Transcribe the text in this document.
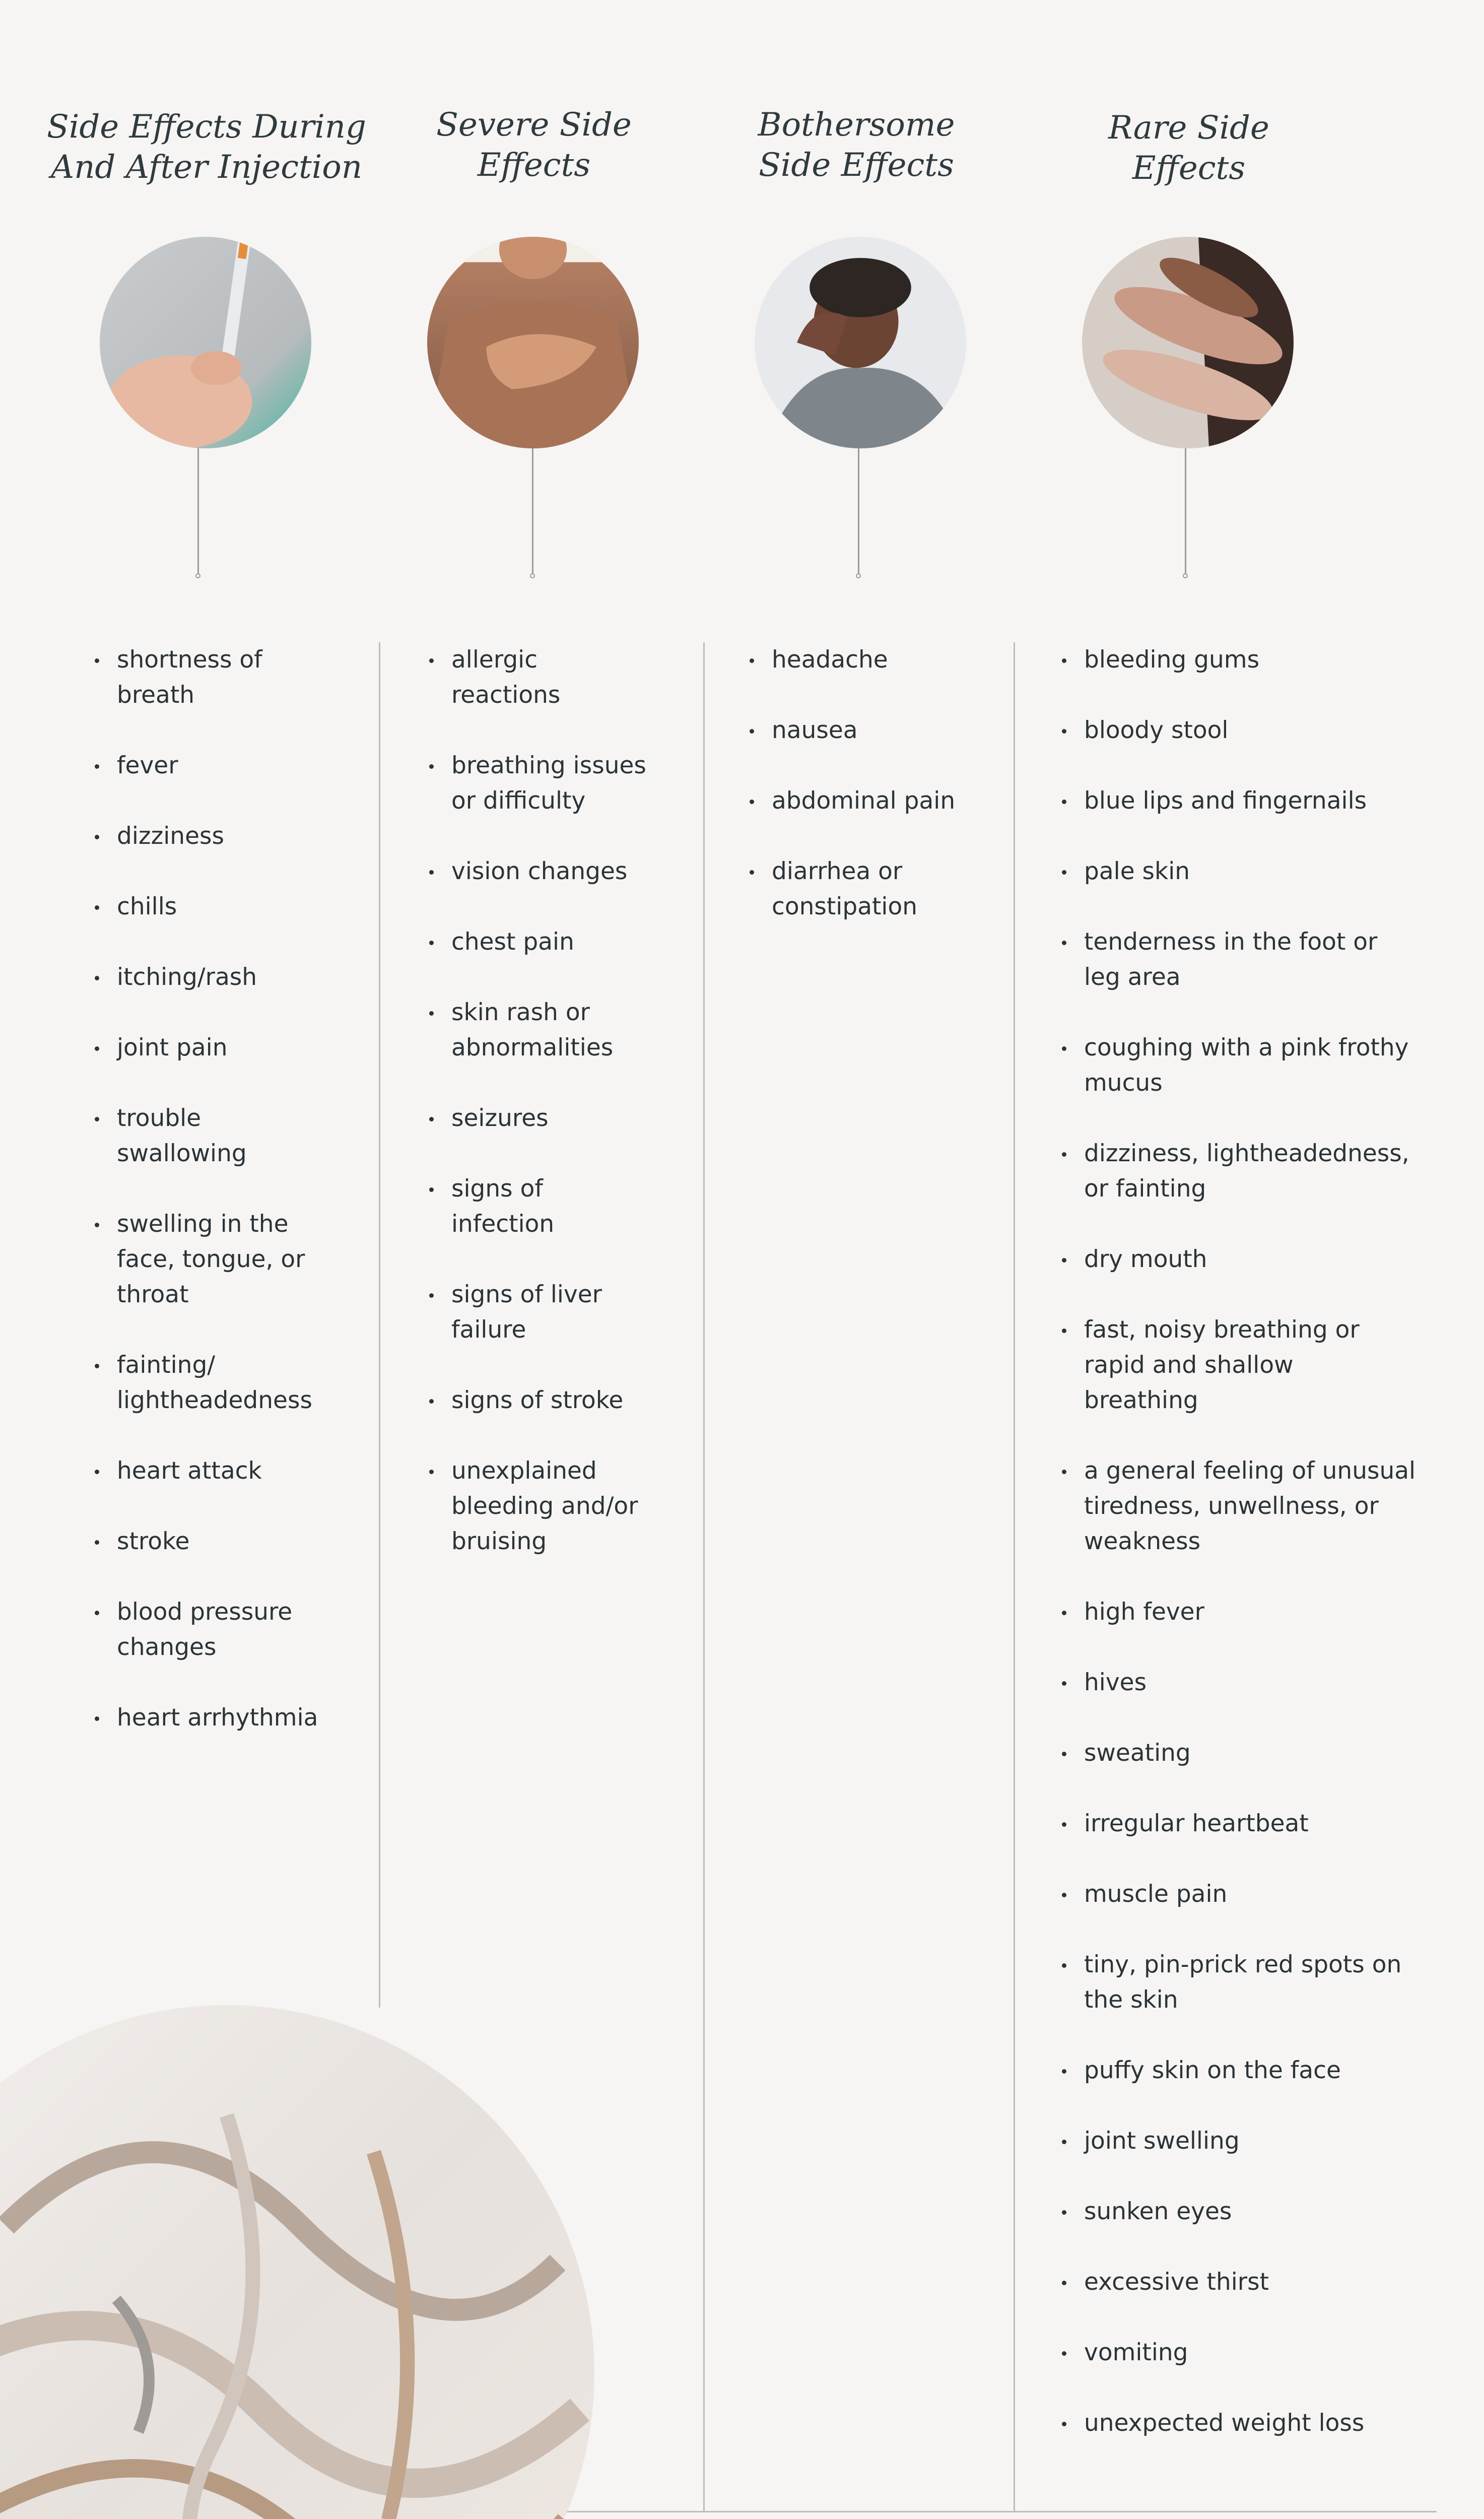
Side Effects During
And After Injection
Severe Side
Effects
Bothersome
Side Effects
Rare Side
Effects
shortness of
breath
fever
dizziness
chills
itching/rash
joint pain
trouble
swallowing
swelling in the
face, tongue, or
throat
fainting/
lightheadedness
heart attack
stroke
blood pressure
changes
heart arrhythmia
allergic
reactions
breathing issues
or difficulty
vision changes
chest pain
skin rash or
abnormalities
seizures
signs of
infection
signs of liver
failure
signs of stroke
unexplained
bleeding and/or
bruising
headache
nausea
abdominal pain
diarrhea or
constipation
bleeding gums
bloody stool
blue lips and fingernails
pale skin
tenderness in the foot or
leg area
coughing with a pink frothy
mucus
dizziness, lightheadedness,
or fainting
dry mouth
fast, noisy breathing or
rapid and shallow
breathing
a general feeling of unusual
tiredness, unwellness, or
weakness
high fever
hives
sweating
irregular heartbeat
muscle pain
tiny, pin-prick red spots on
the skin
puffy skin on the face
joint swelling
sunken eyes
excessive thirst
vomiting
unexpected weight loss
